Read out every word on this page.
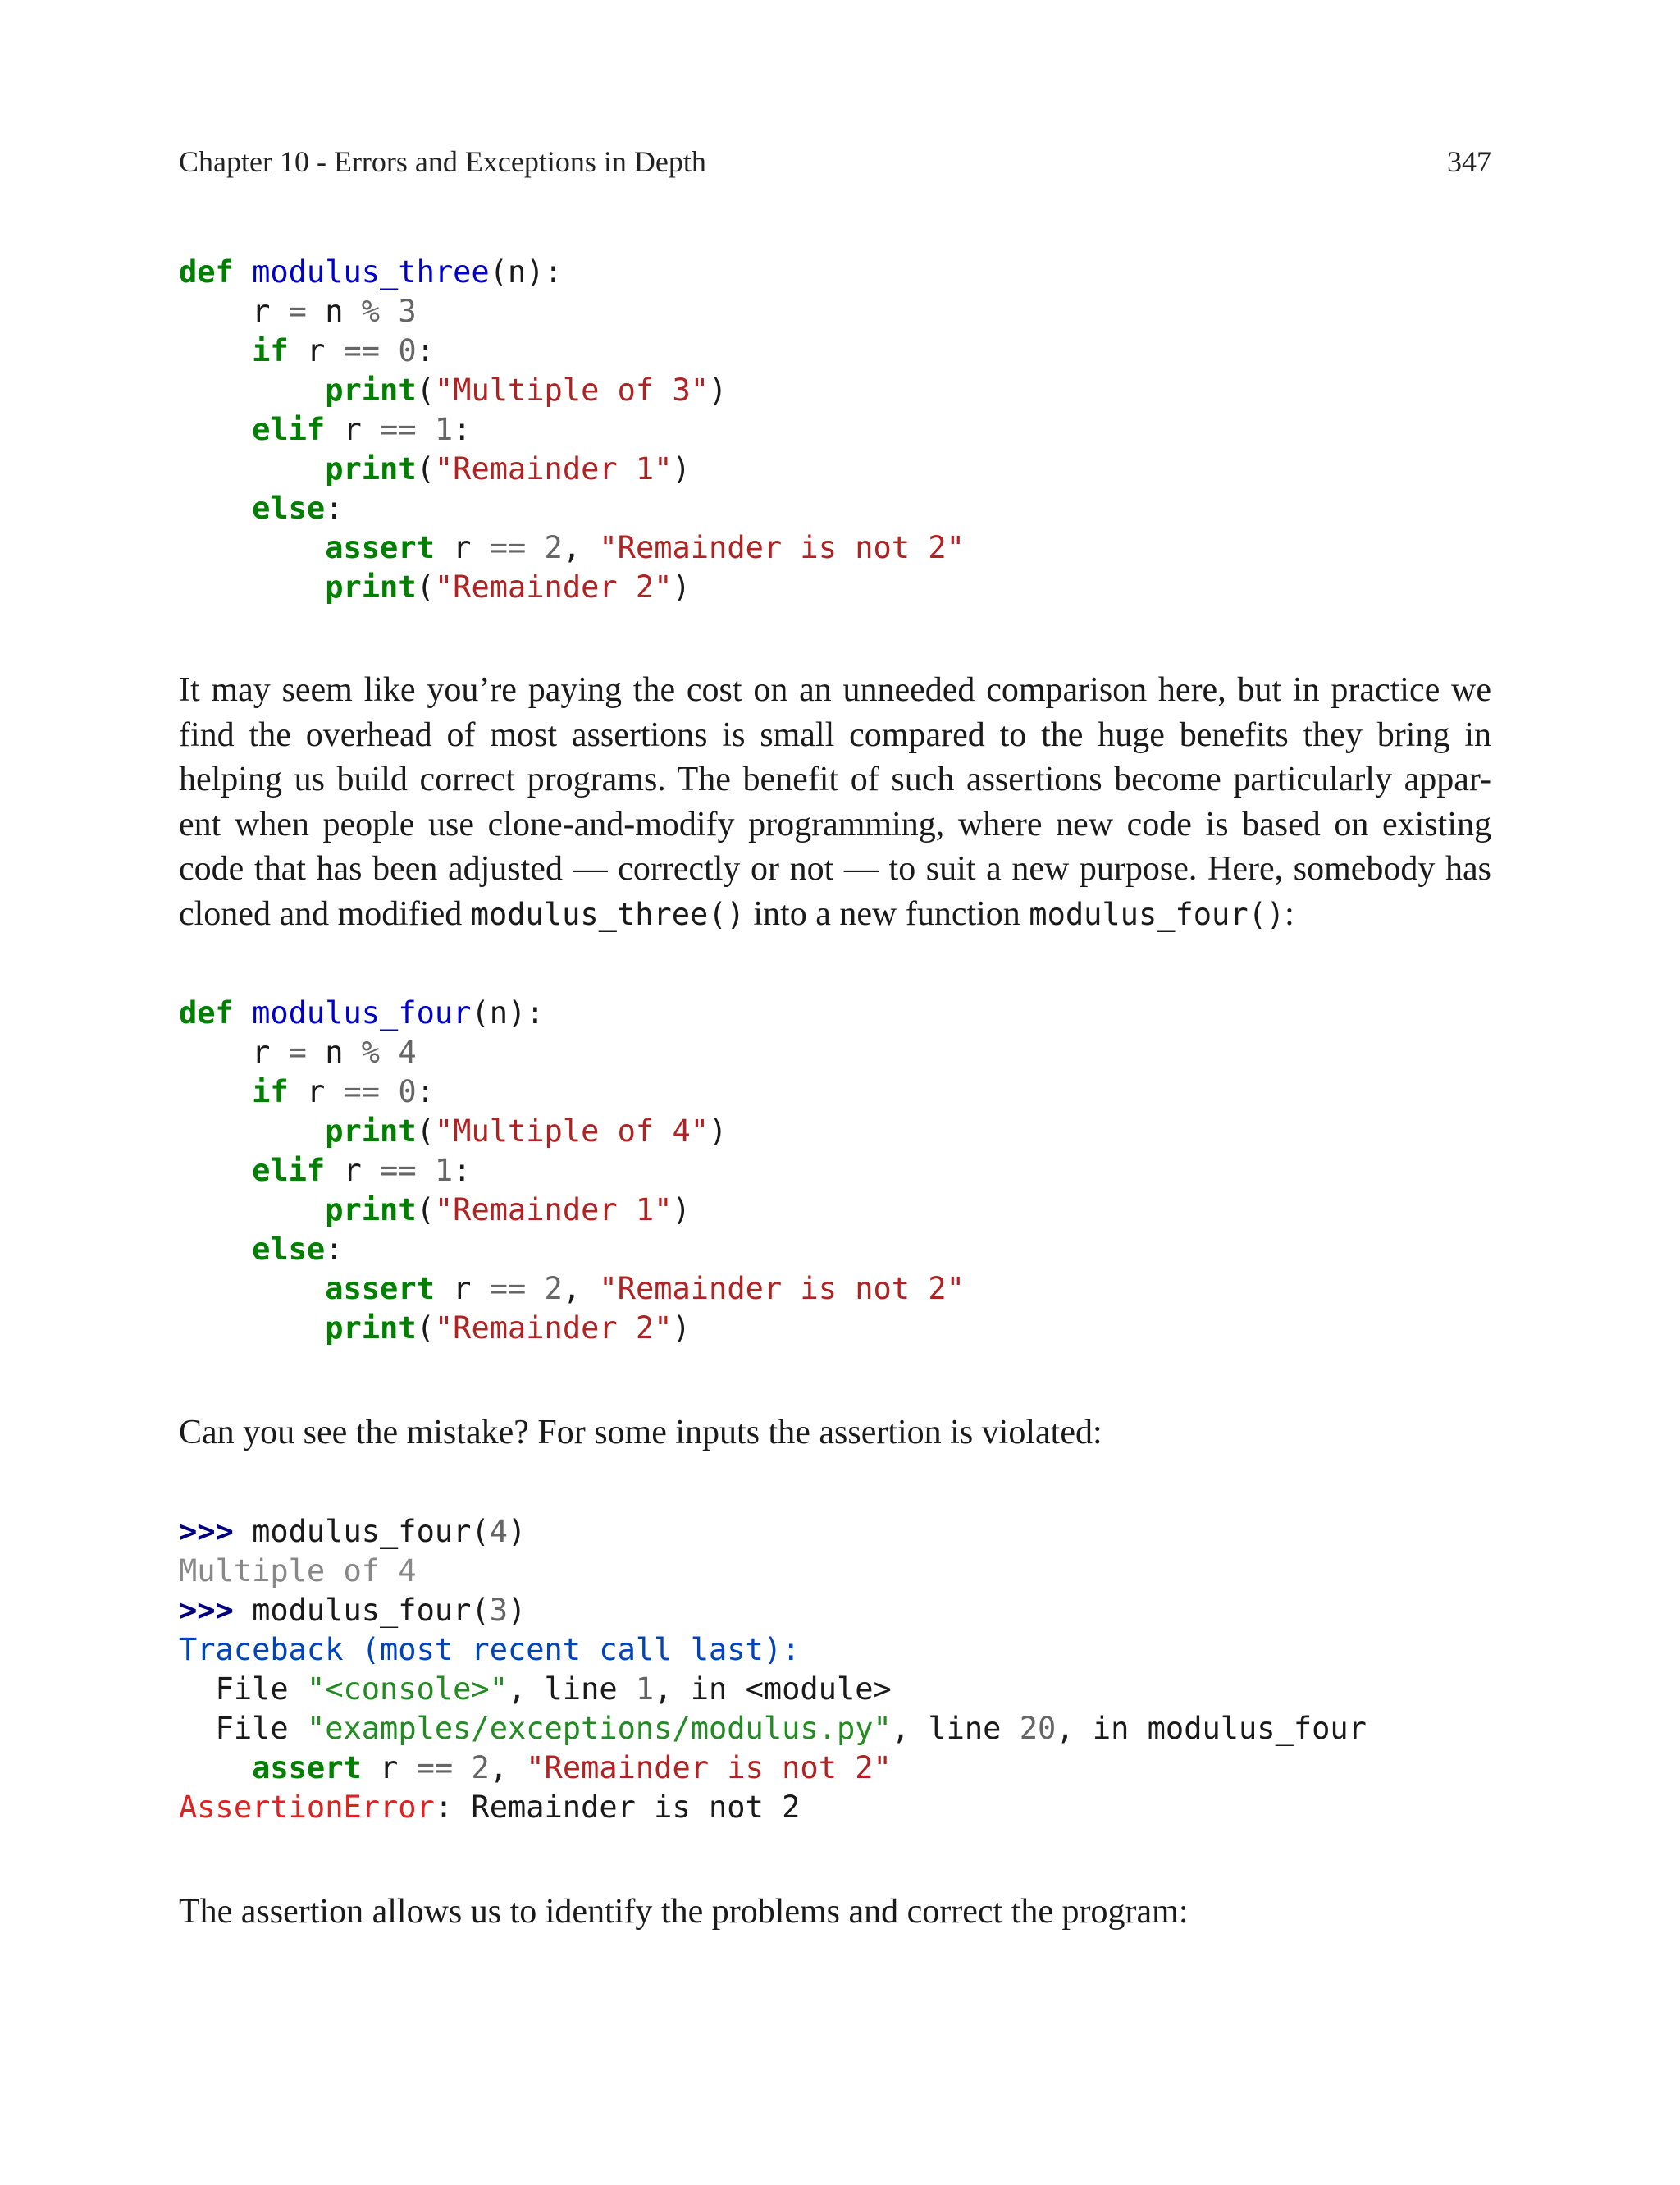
Chapter 10 - Errors and Exceptions in Depth	347
def modulus_three(n):
r = n % 3
if r == 0:
print("Multiple of 3")
elif r == 1:
print("Remainder 1")
else:
assert r == 2, "Remainder is not 2"
print("Remainder 2")

It may seem like you’re paying the cost on an unneeded comparison here, but in practice we find the overhead of most assertions is small compared to the huge benefits they bring in helping us build correct programs. The benefit of such assertions become particularly appar-ent when people use clone-and-modify programming, where new code is based on existing code that has been adjusted — correctly or not — to suit a new purpose. Here, somebody has cloned and modified modulus_three() into a new function modulus_four():

def modulus_four(n):
r = n % 4
if r == 0:
print("Multiple of 4")
elif r == 1:
print("Remainder 1")
else:
assert r == 2, "Remainder is not 2"
print("Remainder 2")

Can you see the mistake? For some inputs the assertion is violated:

>>> modulus_four(4)
Multiple of 4
>>> modulus_four(3)
Traceback (most recent call last):
File "<console>", line 1, in <module>
File "examples/exceptions/modulus.py", line 20, in modulus_four
assert r == 2, "Remainder is not 2"
AssertionError: Remainder is not 2

The assertion allows us to identify the problems and correct the program:
